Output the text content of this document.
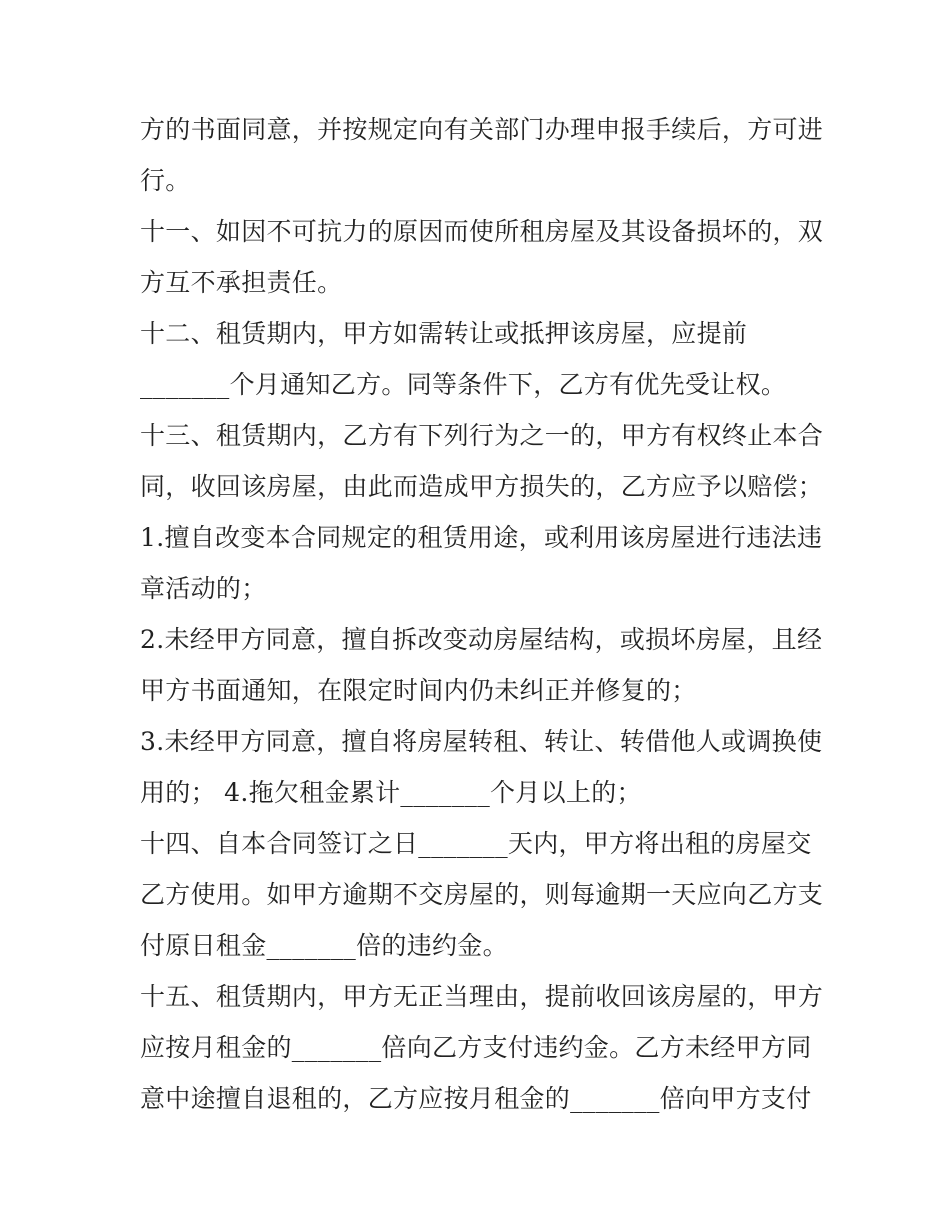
方的书面同意，并按规定向有关部门办理申报手续后，方可进
行。
十一、如因不可抗力的原因而使所租房屋及其设备损坏的，双
方互不承担责任。
十二、租赁期内，甲方如需转让或抵押该房屋，应提前
_______个月通知乙方。同等条件下，乙方有优先受让权。
十三、租赁期内，乙方有下列行为之一的，甲方有权终止本合
同，收回该房屋，由此而造成甲方损失的，乙方应予以赔偿；
1.擅自改变本合同规定的租赁用途，或利用该房屋进行违法违
章活动的；
2.未经甲方同意，擅自拆改变动房屋结构，或损坏房屋，且经
甲方书面通知，在限定时间内仍未纠正并修复的；
3.未经甲方同意，擅自将房屋转租、转让、转借他人或调换使
用的； 4.拖欠租金累计_______个月以上的；
十四、自本合同签订之日_______天内，甲方将出租的房屋交
乙方使用。如甲方逾期不交房屋的，则每逾期一天应向乙方支
付原日租金_______倍的违约金。
十五、租赁期内，甲方无正当理由，提前收回该房屋的，甲方
应按月租金的_______倍向乙方支付违约金。乙方未经甲方同
意中途擅自退租的，乙方应按月租金的_______倍向甲方支付
